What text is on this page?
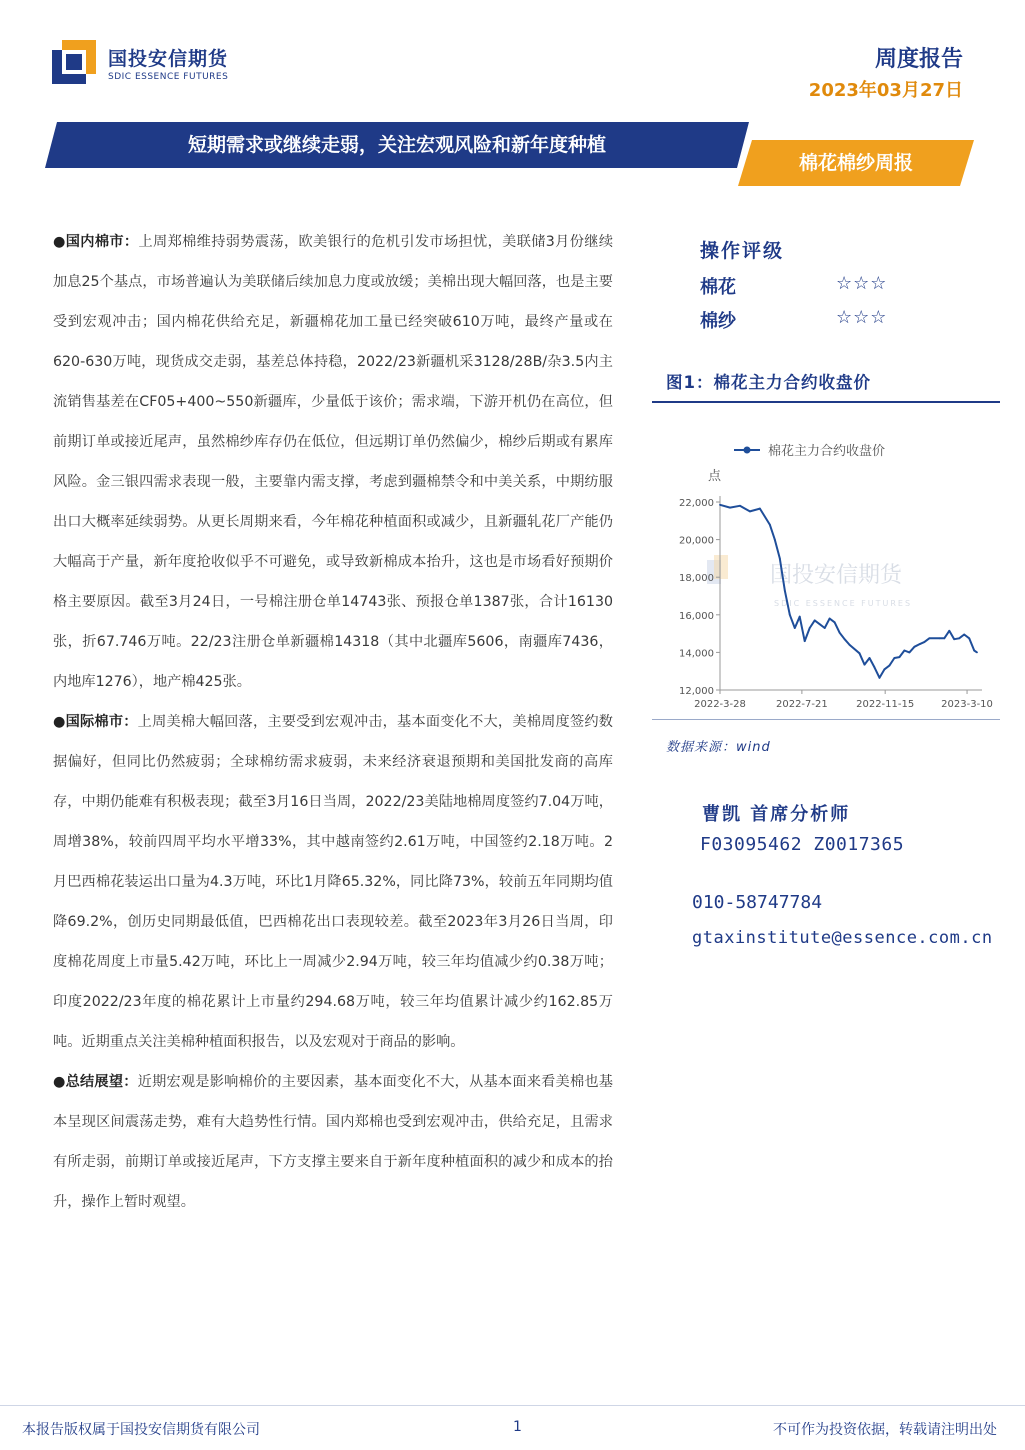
国投安信期货
SDIC ESSENCE FUTURES
周度报告
2023年03月27日
短期需求或继续走弱，关注宏观风险和新年度种植
棉花棉纱周报

●国内棉市：上周郑棉维持弱势震荡，欧美银行的危机引发市场担忧，美联储3月份继续加息25个基点，市场普遍认为美联储后续加息力度或放缓；美棉出现大幅回落，也是主要受到宏观冲击；国内棉花供给充足，新疆棉花加工量已经突破610万吨，最终产量或在620-630万吨，现货成交走弱，基差总体持稳，2022/23新疆机采3128/28B/杂3.5内主流销售基差在CF05+400~550新疆库，少量低于该价；需求端，下游开机仍在高位，但前期订单或接近尾声，虽然棉纱库存仍在低位，但远期订单仍然偏少，棉纱后期或有累库风险。金三银四需求表现一般，主要靠内需支撑，考虑到疆棉禁令和中美关系，中期纺服出口大概率延续弱势。从更长周期来看，今年棉花种植面积或减少，且新疆轧花厂产能仍大幅高于产量，新年度抢收似乎不可避免，或导致新棉成本抬升，这也是市场看好预期价格主要原因。截至3月24日，一号棉注册仓单14743张、预报仓单1387张，合计16130张，折67.746万吨。22/23注册仓单新疆棉14318（其中北疆库5606，南疆库7436，内地库1276），地产棉425张。

●国际棉市：上周美棉大幅回落，主要受到宏观冲击，基本面变化不大，美棉周度签约数据偏好，但同比仍然疲弱；全球棉纺需求疲弱，未来经济衰退预期和美国批发商的高库存，中期仍能难有积极表现；截至3月16日当周，2022/23美陆地棉周度签约7.04万吨，周增38%，较前四周平均水平增33%，其中越南签约2.61万吨，中国签约2.18万吨。2月巴西棉花装运出口量为4.3万吨，环比1月降65.32%，同比降73%，较前五年同期均值降69.2%，创历史同期最低值，巴西棉花出口表现较差。截至2023年3月26日当周，印度棉花周度上市量5.42万吨，环比上一周减少2.94万吨，较三年均值减少约0.38万吨；印度2022/23年度的棉花累计上市量约294.68万吨，较三年均值累计减少约162.85万吨。近期重点关注美棉种植面积报告，以及宏观对于商品的影响。

●总结展望：近期宏观是影响棉价的主要因素，基本面变化不大，从基本面来看美棉也基本呈现区间震荡走势，难有大趋势性行情。国内郑棉也受到宏观冲击，供给充足，且需求有所走弱，前期订单或接近尾声，下方支撑主要来自于新年度种植面积的减少和成本的抬升，操作上暂时观望。

操作评级
棉花	☆☆☆
棉纱	☆☆☆
图1：棉花主力合约收盘价
国投安信期货
SDIC ESSENCE FUTURES
棉花主力合约收盘价
点
22,000
20,000
18,000
16,000
14,000
12,000
2022-3-28	2022-7-21	2022-11-15	2023-3-10
数据来源：wind
曹凯 首席分析师
F03095462 Z0017365
010-58747784
gtaxinstitute@essence.com.cn
本报告版权属于国投安信期货有限公司	1	不可作为投资依据，转载请注明出处
